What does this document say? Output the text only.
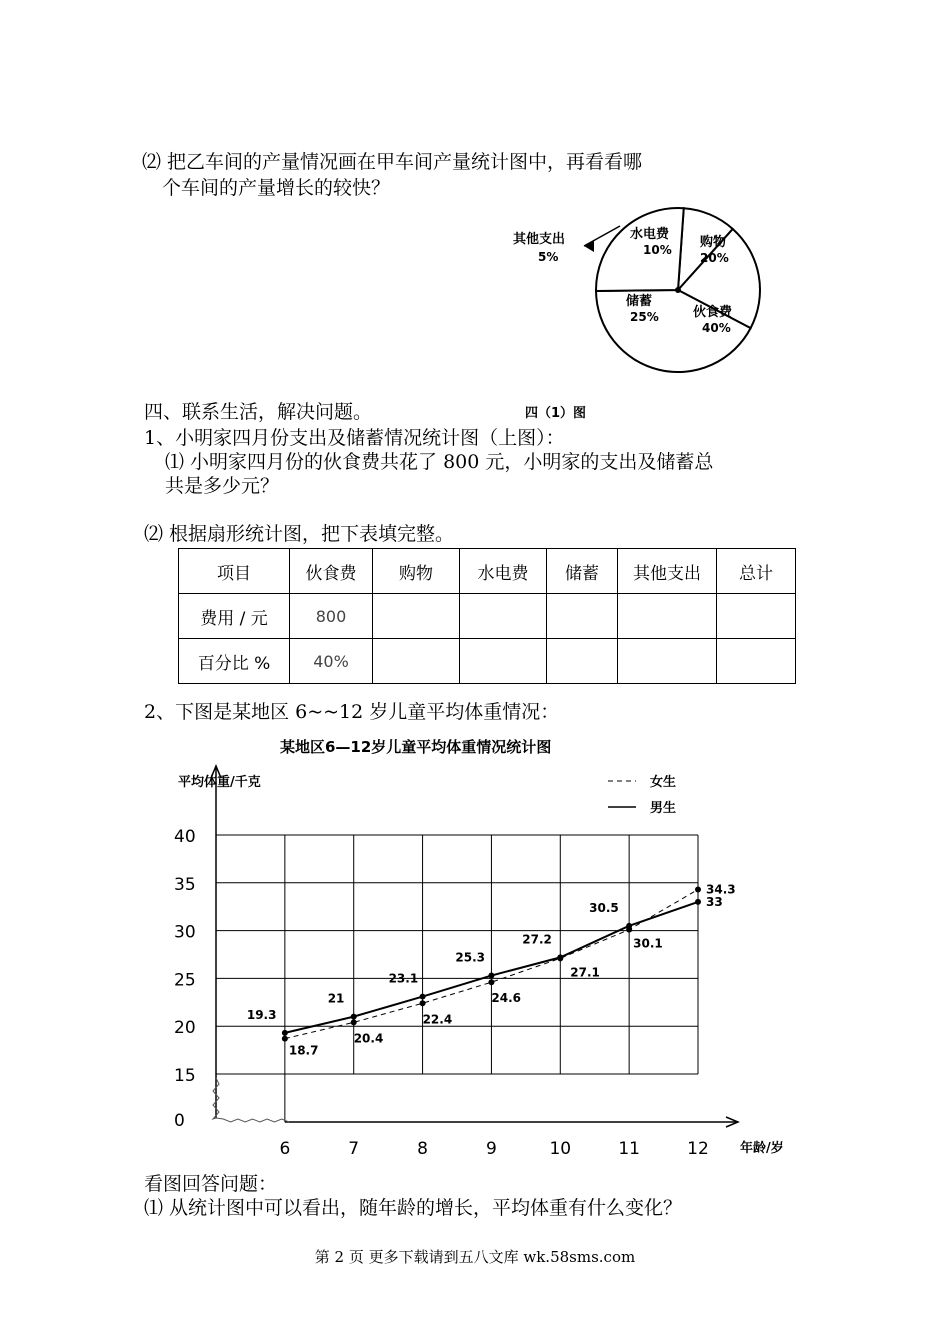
⑵ 把乙车间的产量情况画在甲车间产量统计图中，再看看哪
个车间的产量增长的较快？
其他支出
5%
水电费
10% 购物
20%
伙食费
40%
储蓄
25%
四（1）图
四、联系生活，解决问题。
1、小明家四月份支出及储蓄情况统计图（上图）：
⑴ 小明家四月份的伙食费共花了 800 元，小明家的支出及储蓄总
共是多少元？
⑵ 根据扇形统计图，把下表填完整。
项目	伙食费	购物	水电费	储蓄	其他支出	总计
费用 / 元	800					
百分比 %	40%					
2、下图是某地区 6~~12 岁儿童平均体重情况：
某地区6—12岁儿童平均体重情况统计图
平均体重/千克
年龄/岁
女生
男生
0
15
20
25
30
35
40
6	7	8	9	10	11	12
18.7
20.4
22.4
24.6
27.1
30.1
34.3
19.3
21
23.1
25.3
27.2
30.5	33
看图回答问题：
⑴ 从统计图中可以看出，随年龄的增长，平均体重有什么变化？
第 2 页 更多下载请到五八文库 wk.58sms.com
